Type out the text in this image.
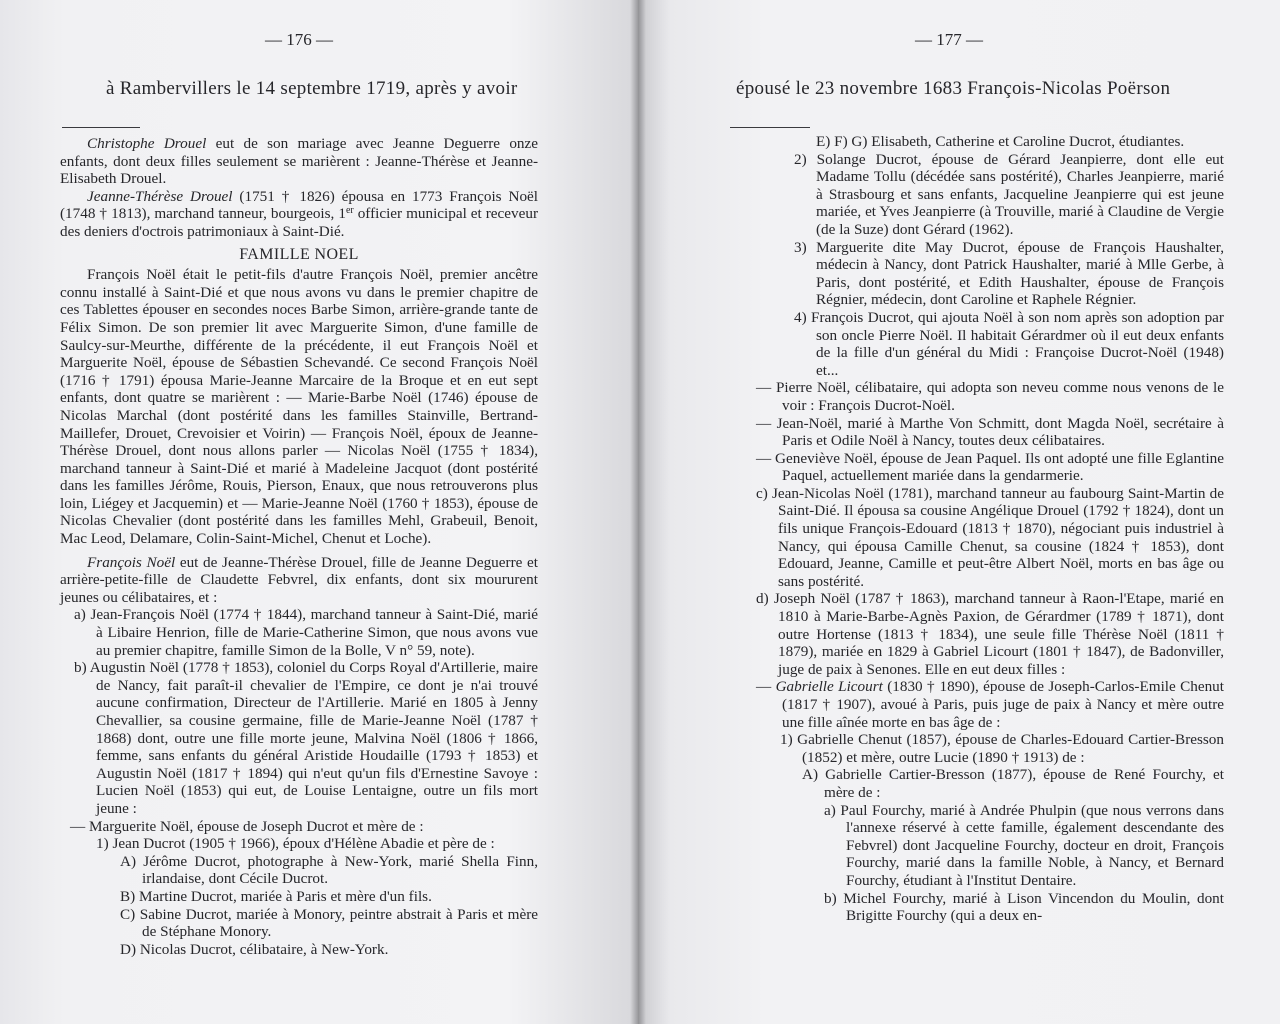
— 176 —
à Rambervillers le 14 septembre 1719, après y avoir

Christophe Drouel eut de son mariage avec Jeanne Deguerre onze enfants, dont deux filles seulement se marièrent : Jeanne-Thérèse et Jeanne-Elisabeth Drouel.

Jeanne-Thérèse Drouel (1751 † 1826) épousa en 1773 François Noël (1748 † 1813), marchand tanneur, bourgeois, 1er officier municipal et receveur des deniers d'octrois patrimoniaux à Saint-Dié.

FAMILLE NOEL

François Noël était le petit-fils d'autre François Noël, premier ancêtre connu installé à Saint-Dié et que nous avons vu dans le premier chapitre de ces Tablettes épouser en secondes noces Barbe Simon, arrière-grande tante de Félix Simon. De son premier lit avec Marguerite Simon, d'une famille de Saulcy-sur-Meurthe, différente de la précédente, il eut François Noël et Marguerite Noël, épouse de Sébastien Schevandé. Ce second François Noël (1716 † 1791) épousa Marie-Jeanne Marcaire de la Broque et en eut sept enfants, dont quatre se marièrent : — Marie-Barbe Noël (1746) épouse de Nicolas Marchal (dont postérité dans les familles Stainville, Bertrand-Maillefer, Drouet, Crevoisier et Voirin) — François Noël, époux de Jeanne-Thérèse Drouel, dont nous allons parler — Nicolas Noël (1755 † 1834), marchand tanneur à Saint-Dié et marié à Madeleine Jacquot (dont postérité dans les familles Jérôme, Rouis, Pierson, Enaux, que nous retrouverons plus loin, Liégey et Jacquemin) et — Marie-Jeanne Noël (1760 † 1853), épouse de Nicolas Chevalier (dont postérité dans les familles Mehl, Grabeuil, Benoit, Mac Leod, Delamare, Colin-Saint-Michel, Chenut et Loche).

François Noël eut de Jeanne-Thérèse Drouel, fille de Jeanne Deguerre et arrière-petite-fille de Claudette Febvrel, dix enfants, dont six moururent jeunes ou célibataires, et :

a) Jean-François Noël (1774 † 1844), marchand tanneur à Saint-Dié, marié à Libaire Henrion, fille de Marie-Catherine Simon, que nous avons vue au premier chapitre, famille Simon de la Bolle, V n° 59, note).

b) Augustin Noël (1778 † 1853), coloniel du Corps Royal d'Artillerie, maire de Nancy, fait paraît-il chevalier de l'Empire, ce dont je n'ai trouvé aucune confirmation, Directeur de l'Artillerie. Marié en 1805 à Jenny Chevallier, sa cousine germaine, fille de Marie-Jeanne Noël (1787 † 1868) dont, outre une fille morte jeune, Malvina Noël (1806 † 1866, femme, sans enfants du général Aristide Houdaille (1793 † 1853) et Augustin Noël (1817 † 1894) qui n'eut qu'un fils d'Ernestine Savoye : Lucien Noël (1853) qui eut, de Louise Lentaigne, outre un fils mort jeune :

— Marguerite Noël, épouse de Joseph Ducrot et mère de :

1) Jean Ducrot (1905 † 1966), époux d'Hélène Abadie et père de :

A) Jérôme Ducrot, photographe à New-York, marié Shella Finn, irlandaise, dont Cécile Ducrot.

B) Martine Ducrot, mariée à Paris et mère d'un fils.

C) Sabine Ducrot, mariée à Monory, peintre abstrait à Paris et mère de Stéphane Monory.

D) Nicolas Ducrot, célibataire, à New-York.

— 177 —
épousé le 23 novembre 1683 François-Nicolas Poërson

E) F) G) Elisabeth, Catherine et Caroline Ducrot, étudiantes.

2) Solange Ducrot, épouse de Gérard Jeanpierre, dont elle eut Madame Tollu (décédée sans postérité), Charles Jeanpierre, marié à Strasbourg et sans enfants, Jacqueline Jeanpierre qui est jeune mariée, et Yves Jeanpierre (à Trouville, marié à Claudine de Vergie (de la Suze) dont Gérard (1962).

3) Marguerite dite May Ducrot, épouse de François Haushalter, médecin à Nancy, dont Patrick Haushalter, marié à Mlle Gerbe, à Paris, dont postérité, et Edith Haushalter, épouse de François Régnier, médecin, dont Caroline et Raphele Régnier.

4) François Ducrot, qui ajouta Noël à son nom après son adoption par son oncle Pierre Noël. Il habitait Gérardmer où il eut deux enfants de la fille d'un général du Midi : Françoise Ducrot-Noël (1948) et...

— Pierre Noël, célibataire, qui adopta son neveu comme nous venons de le voir : François Ducrot-Noël.

— Jean-Noël, marié à Marthe Von Schmitt, dont Magda Noël, secrétaire à Paris et Odile Noël à Nancy, toutes deux célibataires.

— Geneviève Noël, épouse de Jean Paquel. Ils ont adopté une fille Eglantine Paquel, actuellement mariée dans la gendarmerie.

c) Jean-Nicolas Noël (1781), marchand tanneur au faubourg Saint-Martin de Saint-Dié. Il épousa sa cousine Angélique Drouel (1792 † 1824), dont un fils unique François-Edouard (1813 † 1870), négociant puis industriel à Nancy, qui épousa Camille Chenut, sa cousine (1824 † 1853), dont Edouard, Jeanne, Camille et peut-être Albert Noël, morts en bas âge ou sans postérité.

d) Joseph Noël (1787 † 1863), marchand tanneur à Raon-l'Etape, marié en 1810 à Marie-Barbe-Agnès Paxion, de Gérardmer (1789 † 1871), dont outre Hortense (1813 † 1834), une seule fille Thérèse Noël (1811 † 1879), mariée en 1829 à Gabriel Licourt (1801 † 1847), de Badonviller, juge de paix à Senones. Elle en eut deux filles :

— Gabrielle Licourt (1830 † 1890), épouse de Joseph-Carlos-Emile Chenut (1817 † 1907), avoué à Paris, puis juge de paix à Nancy et mère outre une fille aînée morte en bas âge de :

1) Gabrielle Chenut (1857), épouse de Charles-Edouard Cartier-Bresson (1852) et mère, outre Lucie (1890 † 1913) de :

A) Gabrielle Cartier-Bresson (1877), épouse de René Fourchy, et mère de :

a) Paul Fourchy, marié à Andrée Phulpin (que nous verrons dans l'annexe réservé à cette famille, également descendante des Febvrel) dont Jacqueline Fourchy, docteur en droit, François Fourchy, marié dans la famille Noble, à Nancy, et Bernard Fourchy, étudiant à l'Institut Dentaire.

b) Michel Fourchy, marié à Lison Vincendon du Moulin, dont Brigitte Fourchy (qui a deux en-
